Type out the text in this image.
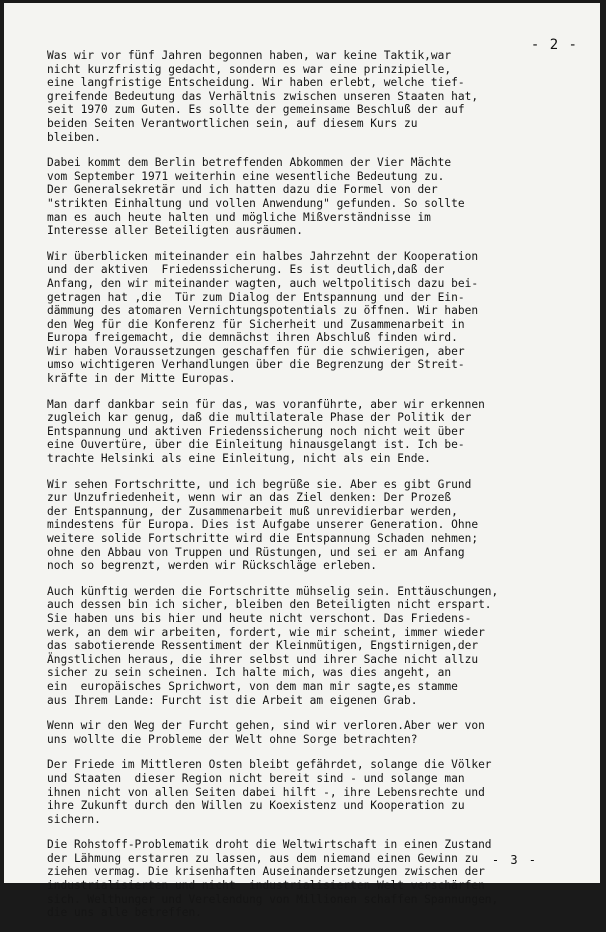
- 2 -
Was wir vor fünf Jahren begonnen haben, war keine Taktik,war
nicht kurzfristig gedacht, sondern es war eine prinzipielle,
eine langfristige Entscheidung. Wir haben erlebt, welche tief-
greifende Bedeutung das Verhältnis zwischen unseren Staaten hat,
seit 1970 zum Guten. Es sollte der gemeinsame Beschluß der auf
beiden Seiten Verantwortlichen sein, auf diesem Kurs zu
bleiben.
Dabei kommt dem Berlin betreffenden Abkommen der Vier Mächte
vom September 1971 weiterhin eine wesentliche Bedeutung zu.
Der Generalsekretär und ich hatten dazu die Formel von der
"strikten Einhaltung und vollen Anwendung" gefunden. So sollte
man es auch heute halten und mögliche Mißverständnisse im
Interesse aller Beteiligten ausräumen.
Wir überblicken miteinander ein halbes Jahrzehnt der Kooperation
und der aktiven  Friedenssicherung. Es ist deutlich,daß der
Anfang, den wir miteinander wagten, auch weltpolitisch dazu bei-
getragen hat ,die  Tür zum Dialog der Entspannung und der Ein-
dämmung des atomaren Vernichtungspotentials zu öffnen. Wir haben
den Weg für die Konferenz für Sicherheit und Zusammenarbeit in
Europa freigemacht, die demnächst ihren Abschluß finden wird.
Wir haben Voraussetzungen geschaffen für die schwierigen, aber
umso wichtigeren Verhandlungen über die Begrenzung der Streit-
kräfte in der Mitte Europas.
Man darf dankbar sein für das, was voranführte, aber wir erkennen
zugleich kar genug, daß die multilaterale Phase der Politik der
Entspannung und aktiven Friedenssicherung noch nicht weit über
eine Ouvertüre, über die Einleitung hinausgelangt ist. Ich be-
trachte Helsinki als eine Einleitung, nicht als ein Ende.
Wir sehen Fortschritte, und ich begrüße sie. Aber es gibt Grund
zur Unzufriedenheit, wenn wir an das Ziel denken: Der Prozeß
der Entspannung, der Zusammenarbeit muß unrevidierbar werden,
mindestens für Europa. Dies ist Aufgabe unserer Generation. Ohne
weitere solide Fortschritte wird die Entspannung Schaden nehmen;
ohne den Abbau von Truppen und Rüstungen, und sei er am Anfang
noch so begrenzt, werden wir Rückschläge erleben.
Auch künftig werden die Fortschritte mühselig sein. Enttäuschungen,
auch dessen bin ich sicher, bleiben den Beteiligten nicht erspart.
Sie haben uns bis hier und heute nicht verschont. Das Friedens-
werk, an dem wir arbeiten, fordert, wie mir scheint, immer wieder
das sabotierende Ressentiment der Kleinmütigen, Engstirnigen,der
Ängstlichen heraus, die ihrer selbst und ihrer Sache nicht allzu
sicher zu sein scheinen. Ich halte mich, was dies angeht, an
ein  europäisches Sprichwort, von dem man mir sagte,es stamme
aus Ihrem Lande: Furcht ist die Arbeit am eigenen Grab.
Wenn wir den Weg der Furcht gehen, sind wir verloren.Aber wer von
uns wollte die Probleme der Welt ohne Sorge betrachten?
Der Friede im Mittleren Osten bleibt gefährdet, solange die Völker
und Staaten  dieser Region nicht bereit sind - und solange man
ihnen nicht von allen Seiten dabei hilft -, ihre Lebensrechte und
ihre Zukunft durch den Willen zu Koexistenz und Kooperation zu
sichern.
Die Rohstoff-Problematik droht die Weltwirtschaft in einen Zustand
der Lähmung erstarren zu lassen, aus dem niemand einen Gewinn zu
ziehen vermag. Die krisenhaften Auseinandersetzungen zwischen der
industrialisierten und nicht  industrialisierten Welt verschärfen
sich. Welthunger und Verelendung von Millionen schaffen Spannungen,
die uns alle betreffen.
- 3 -
